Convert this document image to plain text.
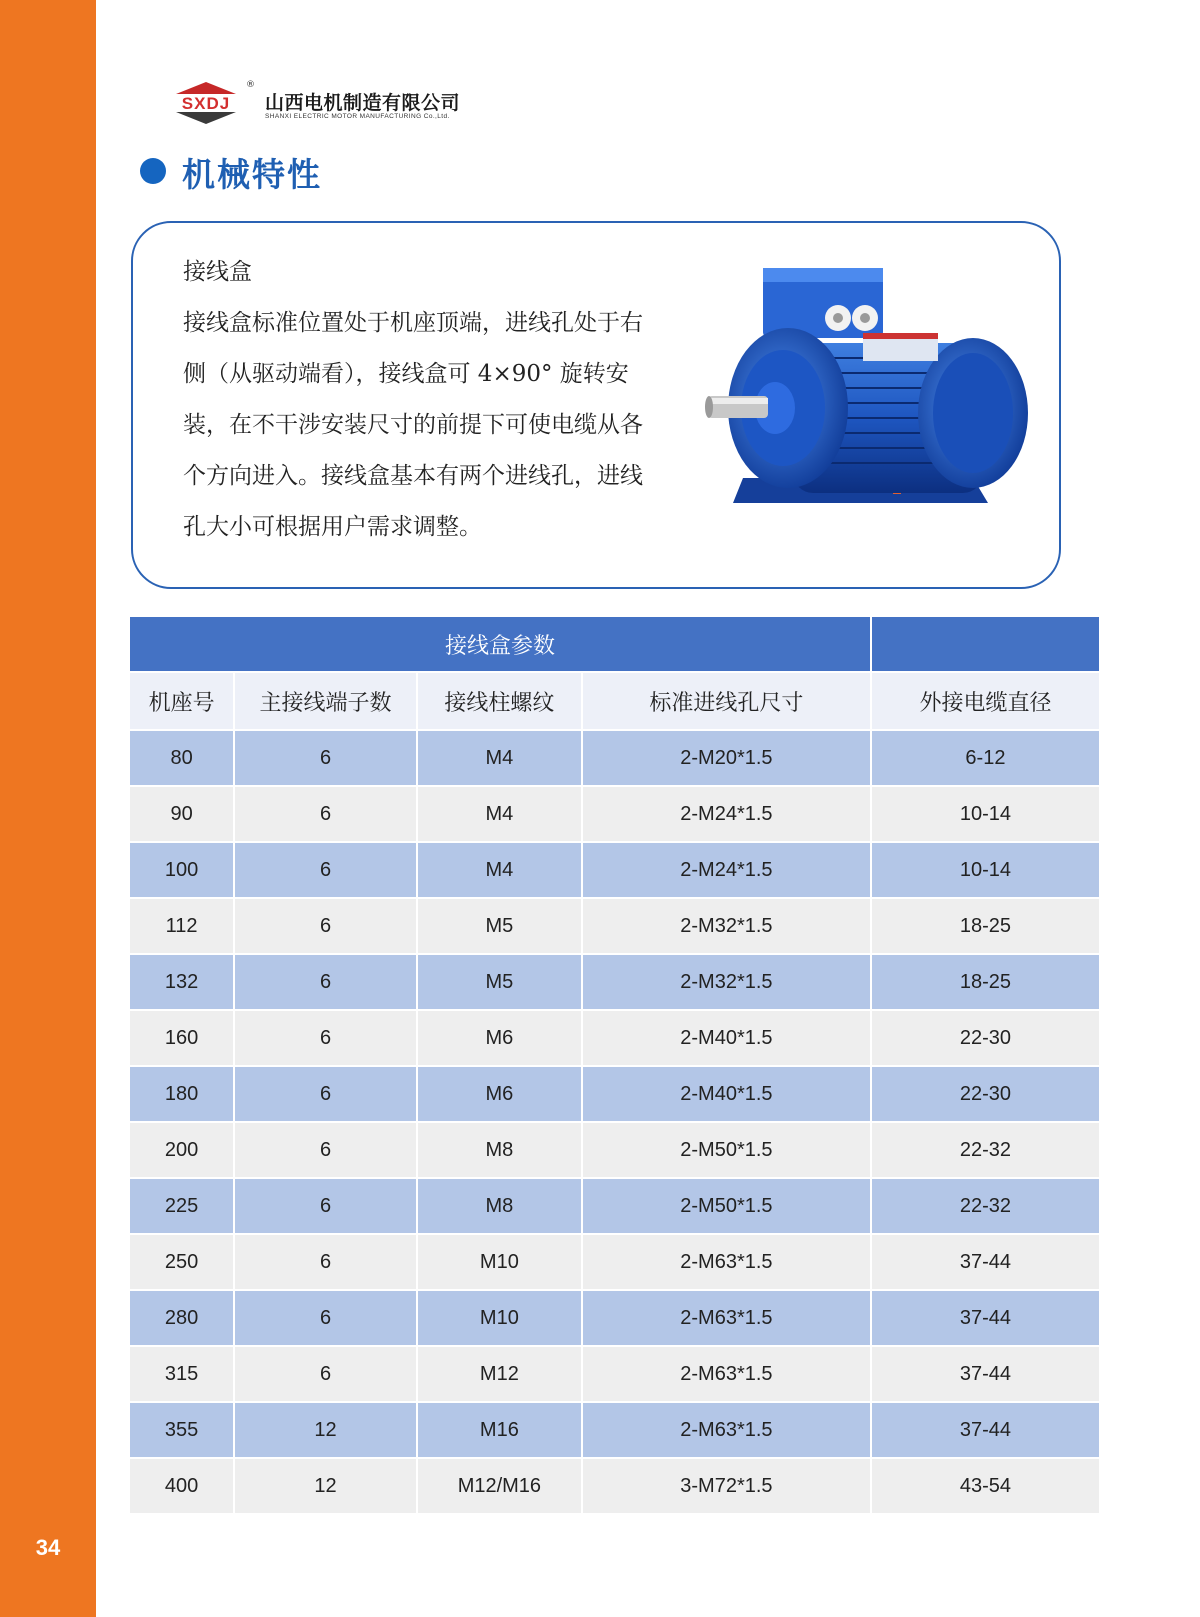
34
SXDJ
®
山西电机制造有限公司
SHANXI ELECTRIC MOTOR MANUFACTURING Co.,Ltd.
机械特性
接线盒

接线盒标准位置处于机座顶端，进线孔处于右

侧（从驱动端看），接线盒可 4×90° 旋转安

装，在不干涉安装尺寸的前提下可使电缆从各

个方向进入。接线盒基本有两个进线孔，进线

孔大小可根据用户需求调整。

接线盒参数				
机座号	主接线端子数	接线柱螺纹	标准进线孔尺寸	外接电缆直径
80	6	M4	2-M20*1.5	6-12
90	6	M4	2-M24*1.5	10-14
100	6	M4	2-M24*1.5	10-14
112	6	M5	2-M32*1.5	18-25
132	6	M5	2-M32*1.5	18-25
160	6	M6	2-M40*1.5	22-30
180	6	M6	2-M40*1.5	22-30
200	6	M8	2-M50*1.5	22-32
225	6	M8	2-M50*1.5	22-32
250	6	M10	2-M63*1.5	37-44
280	6	M10	2-M63*1.5	37-44
315	6	M12	2-M63*1.5	37-44
355	12	M16	2-M63*1.5	37-44
400	12	M12/M16	3-M72*1.5	43-54
